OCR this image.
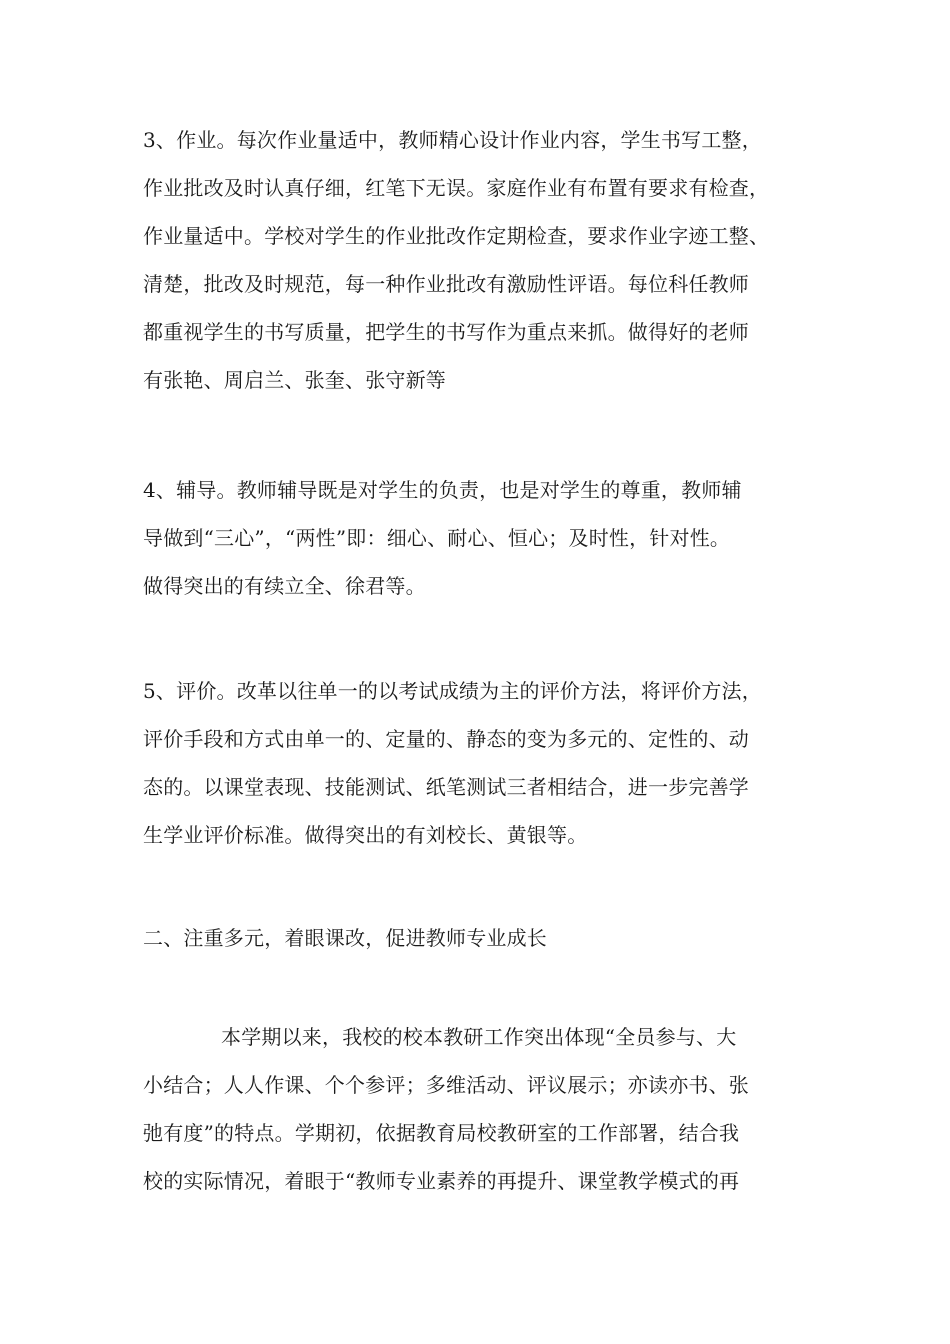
3、作业。每次作业量适中，教师精心设计作业内容，学生书写工整，
作业批改及时认真仔细，红笔下无误。家庭作业有布置有要求有检查，
作业量适中。学校对学生的作业批改作定期检查，要求作业字迹工整、
清楚，批改及时规范，每一种作业批改有激励性评语。每位科任教师
都重视学生的书写质量，把学生的书写作为重点来抓。做得好的老师
有张艳、周启兰、张奎、张守新等
4、辅导。教师辅导既是对学生的负责，也是对学生的尊重，教师辅
导做到“三心”，“两性”即：细心、耐心、恒心；及时性，针对性。
做得突出的有续立全、徐君等。
5、评价。改革以往单一的以考试成绩为主的评价方法，将评价方法，
评价手段和方式由单一的、定量的、静态的变为多元的、定性的、动
态的。以课堂表现、技能测试、纸笔测试三者相结合，进一步完善学
生学业评价标准。做得突出的有刘校长、黄银等。
二、注重多元，着眼课改，促进教师专业成长
本学期以来，我校的校本教研工作突出体现“全员参与、大
小结合；人人作课、个个参评；多维活动、评议展示；亦读亦书、张
弛有度”的特点。学期初，依据教育局校教研室的工作部署，结合我
校的实际情况，着眼于“教师专业素养的再提升、课堂教学模式的再
